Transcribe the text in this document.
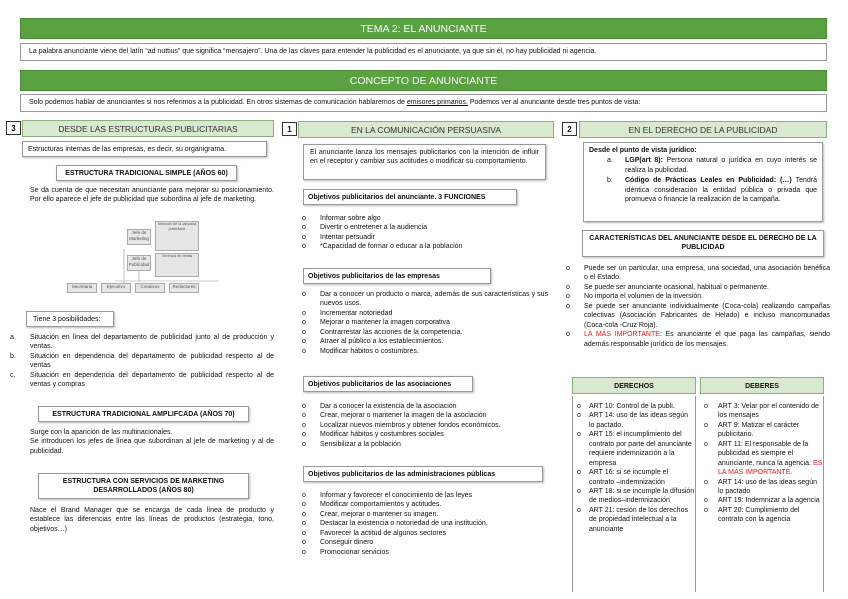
TEMA 2: EL ANUNCIANTE
La palabra anunciante viene del latín “ad nuttius” que significa “mensajero”. Una de las claves para entender la publicidad es el anunciante, ya que sin él, no hay publicidad ni agencia.
CONCEPTO DE ANUNCIANTE
Solo podemos hablar de anunciantes si nos referimos a la publicidad. En otros sistemas de comunicación hablaremos de emisores primarios. Podemos ver al anunciante desde tres puntos de vista:
3	DESDE LAS ESTRUCTURAS PUBLICITARIAS
Estructuras internas de las empresas, es decir, su organigrama.
ESTRUCTURA TRADICIONAL SIMPLE (AÑOS 60)
Se da cuenta de que necesitan anunciante para mejorar su posicionamiento. Por ello aparece el jefe de publicidad que subordina al jefe de marketing.
Jefe de Marketing
Dirección de la campaña publicitaria
Gerencia de ventas
Jefe de Publicidad
Secretaria	Ejecutivo	Creativos	Redactores
Tiene 3 posibilidades:
a. Situación en línea del departamento de publicidad junto al de producción y ventas.
b. Situación en dependencia del departamento de publicidad respecto al de ventas
c. Situación en dependencia del departamento de publicidad respecto al de ventas y compras
ESTRUCTURA TRADICIONAL AMPLIFCADA (AÑOS 70)
Surge con la aparición de las multinacionales.
Se introducen los jefes de línea que subordinan al jefe de marketing y al de publicidad.
ESTRUCTURA CON SERVICIOS DE MARKETING DESARROLLADOS (AÑOS 80)
Nace el Brand Manager que se encarga de cada línea de producto y establece las diferencias entre las líneas de productos (estrategia, tono, objetivos…)
1	EN LA COMUNICACIÓN PERSUASIVA
El anunciante lanza los mensajes publicitarios con la intención de influir en el receptor y cambiar sus actitudes o modificar su comportamiento.
Objetivos publicitarios del anunciante. 3 FUNCIONES
o Informar sobre algo
o Divertir o entretener a la audiencia
o Intentar persuadir
o *Capacidad de formar o educar a la población
Objetivos publicitarios de las empresas
o Dar a conocer un producto o marca, además de sus características y sus nuevos usos.
o Incrementar notoriedad
o Mejorar o mantener la imagen corporativa
o Contrarrestar las acciones de la competencia.
o Atraer al público a los establecimientos.
o Modificar hábitos o costumbres.
Objetivos publicitarios de las asociaciones
o Dar a conocer la existencia de la asociación
o Crear, mejorar o mantener la imagen de la asociación
o Localizar nuevos miembros y obtener fondos económicos.
o Modificar hábitos y costumbres sociales
o Sensibilizar a la población
Objetivos publicitarios de las administraciones públicas
o Informar y favorecer el conocimiento de las leyes
o Modificar comportamientos y actitudes.
o Crear, mejorar o mantener su imagen.
o Destacar la existencia o notoriedad de una institución.
o Favorecer la actitud de algunos sectores
o Conseguir dinero
o Promocionar servicios
2	EN EL DERECHO DE LA PUBLICIDAD
Desde el punto de vista jurídico:
a. LGP(art 8): Persona natural o jurídica en cuyo interés se realiza la publicidad.
b. Código de Prácticas Leales en Publicidad: (…) Tendrá idéntica consideración la entidad pública o privada que promueva o financie la realización de la campaña.
CARACTERÍSTICAS DEL ANUNCIANTE DESDE EL DERECHO DE LA PUBLICIDAD
o Puede ser un particular, una empresa, una sociedad, una asociación benéfica o el Estado.
o Se puede ser anunciante ocasional, habitual o permanente.
o No importa el volumen de la inversión.
o Se puede ser anunciante individualmente (Coca-cola) realizando campañas colectivas (Asociación Fabricantes de Helado) e incluso mancomunadas (Coca-cola -Cruz Roja).
o LA MÁS IMPORTANTE: Es anunciante el que paga las campañas, siendo además responsable jurídico de los mensajes.
DERECHOS	DEBERES
o ART 10: Control de la publi.
o ART 14: uso de las ideas según lo pactado.
o ART 15: el incumplimiento del contrato por parte del anunciante requiere indemnización a la empresa
o ART 16: si se incumple el contrato –indemnización
o ART 18: si se incumple la difusión de medios–indemnización
o ART 21: cesión de los derechos de propiedad intelectual a la anunciante
o ART 3: Velar por el contenido de los mensajes
o ART 9: Matizar el carácter publicitario.
o ART 11: El responsable de la publicidad es siempre el anunciante, nunca la agencia. ES LA MÁS IMPORTANTE.
o ART 14: uso de las ideas según lo pactado
o ART 19: Indemnizar a la agencia
o ART 20: Cumplimiento del contrato con la agencia
